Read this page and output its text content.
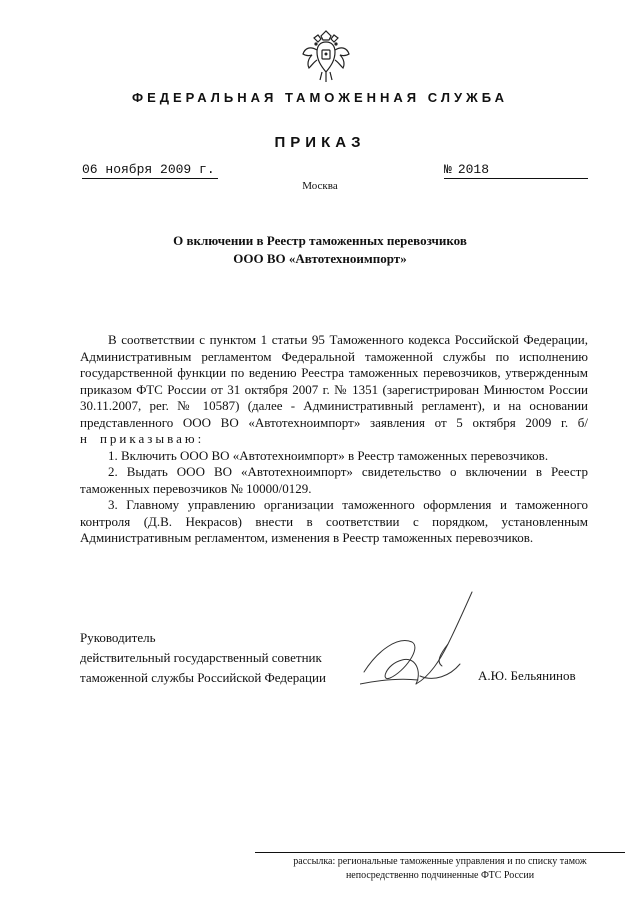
ФЕДЕРАЛЬНАЯ ТАМОЖЕННАЯ СЛУЖБА
ПРИКАЗ
06 ноября 2009 г.	№ 2018
Москва
О включении в Реестр таможенных перевозчиков
ООО ВО «Автотехноимпорт»

В соответствии с пунктом 1 статьи 95 Таможенного кодекса Российской Федерации, Административным регламентом Федеральной таможенной службы по исполнению государственной функции по ведению Реестра таможенных перевозчиков, утвержденным приказом ФТС России от 31 октября 2007 г. № 1351 (зарегистрирован Минюстом России 30.11.2007, рег. № 10587) (далее - Административный регламент), и на основании представленного ООО ВО «Автотехноимпорт» заявления от 5 октября 2009 г. б/н приказываю:

1. Включить ООО ВО «Автотехноимпорт» в Реестр таможенных перевозчиков.

2. Выдать ООО ВО «Автотехноимпорт» свидетельство о включении в Реестр таможенных перевозчиков № 10000/0129.

3. Главному управлению организации таможенного оформления и таможенного контроля (Д.В. Некрасов) внести в соответствии с порядком, установленным Административным регламентом, изменения в Реестр таможенных перевозчиков.

Руководитель
действительный государственный советник
таможенной службы Российской Федерации	А.Ю. Бельянинов
рассылка: региональные таможенные управления и по списку тамож
непосредственно подчиненные ФТС России
